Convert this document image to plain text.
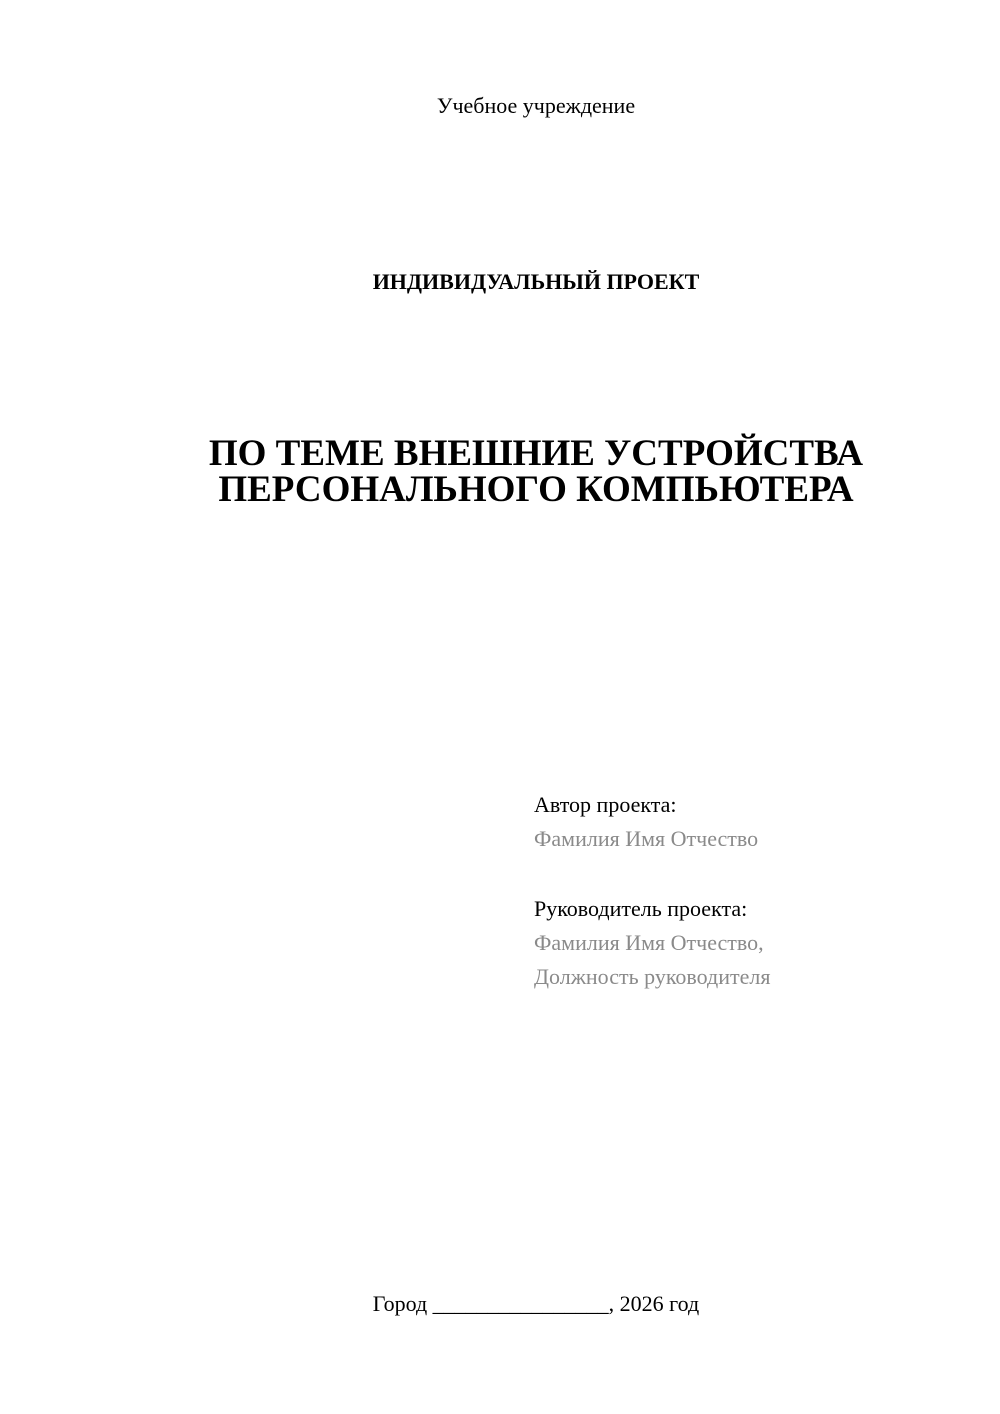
Учебное учреждение
ИНДИВИДУАЛЬНЫЙ ПРОЕКТ
ПО ТЕМЕ ВНЕШНИЕ УСТРОЙСТВА
ПЕРСОНАЛЬНОГО КОМПЬЮТЕРА
Автор проекта:
Фамилия Имя Отчество
Руководитель проекта:
Фамилия Имя Отчество,
Должность руководителя
Город ________________, 2026 год
